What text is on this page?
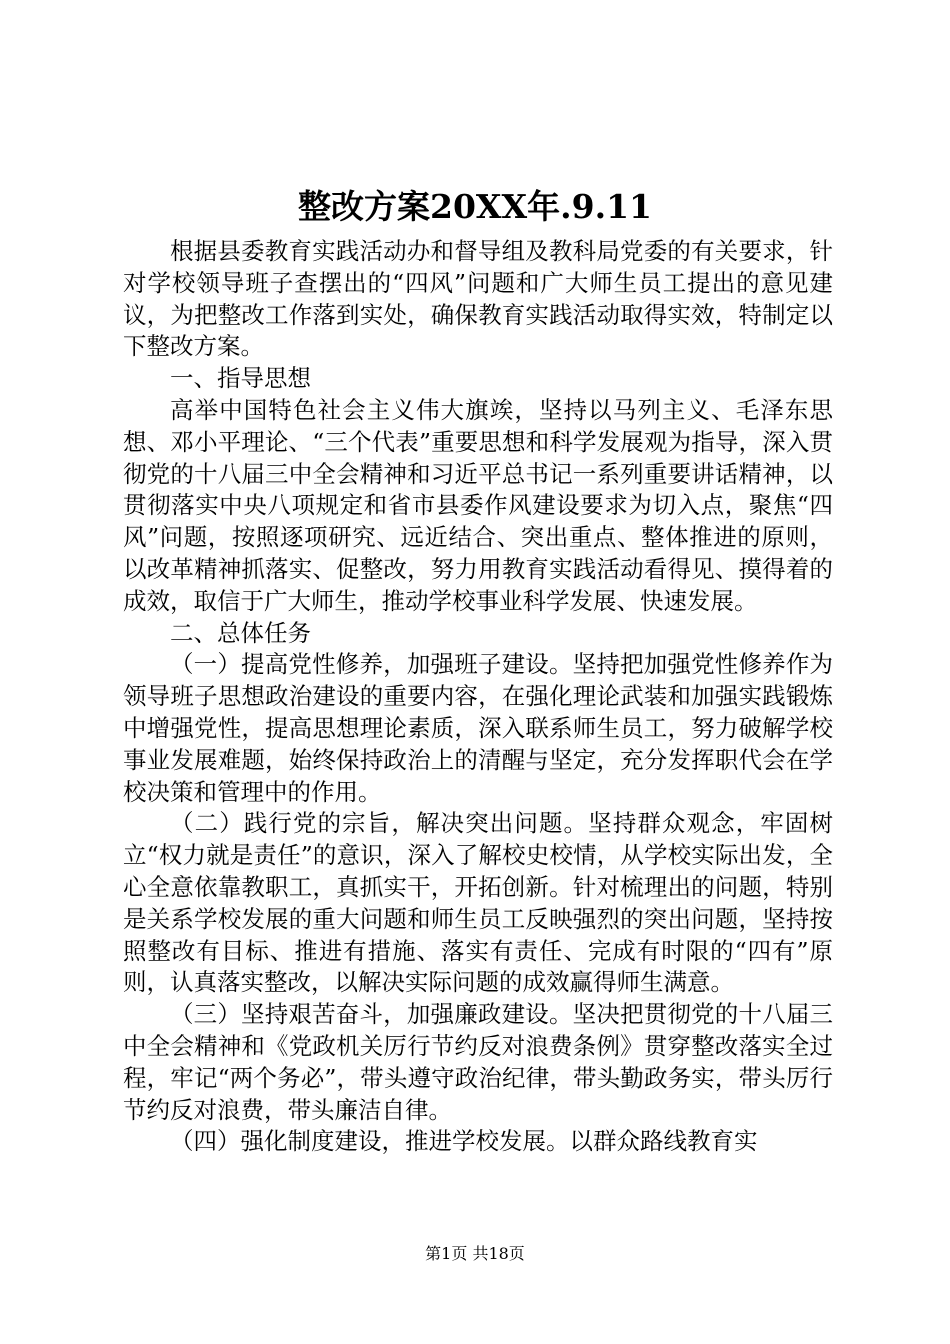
整改方案20XX年.9.11

根据县委教育实践活动办和督导组及教科局党委的有关要求，针对学校领导班子查摆出的“四风”问题和广大师生员工提出的意见建议，为把整改工作落到实处，确保教育实践活动取得实效，特制定以下整改方案。

一、指导思想

高举中国特色社会主义伟大旗竢，坚持以马列主义、毛泽东思想、邓小平理论、“三个代表”重要思想和科学发展观为指导，深入贯彻党的十八届三中全会精神和习近平总书记一系列重要讲话精神，以贯彻落实中央八项规定和省市县委作风建设要求为切入点，聚焦“四风”问题，按照逐项研究、远近结合、突出重点、整体推进的原则，以改革精神抓落实、促整改，努力用教育实践活动看得见、摸得着的成效，取信于广大师生，推动学校事业科学发展、快速发展。

二、总体任务

（一）提高党性修养，加强班子建设。坚持把加强党性修养作为领导班子思想政治建设的重要内容，在强化理论武装和加强实践锻炼中增强党性，提高思想理论素质，深入联系师生员工，努力破解学校事业发展难题，始终保持政治上的清醒与坚定，充分发挥职代会在学校决策和管理中的作用。

（二）践行党的宗旨，解决突出问题。坚持群众观念，牢固树立“权力就是责任”的意识，深入了解校史校情，从学校实际出发，全心全意依靠教职工，真抓实干，开拓创新。针对梳理出的问题，特别是关系学校发展的重大问题和师生员工反映强烈的突出问题，坚持按照整改有目标、推进有措施、落实有责任、完成有时限的“四有”原则，认真落实整改，以解决实际问题的成效赢得师生满意。

（三）坚持艰苦奋斗，加强廉政建设。坚决把贯彻党的十八届三中全会精神和《党政机关厉行节约反对浪费条例》贯穿整改落实全过程，牢记“两个务必”，带头遵守政治纪律，带头勤政务实，带头厉行节约反对浪费，带头廉洁自律。

（四）强化制度建设，推进学校发展。以群众路线教育实

第1页 共18页
